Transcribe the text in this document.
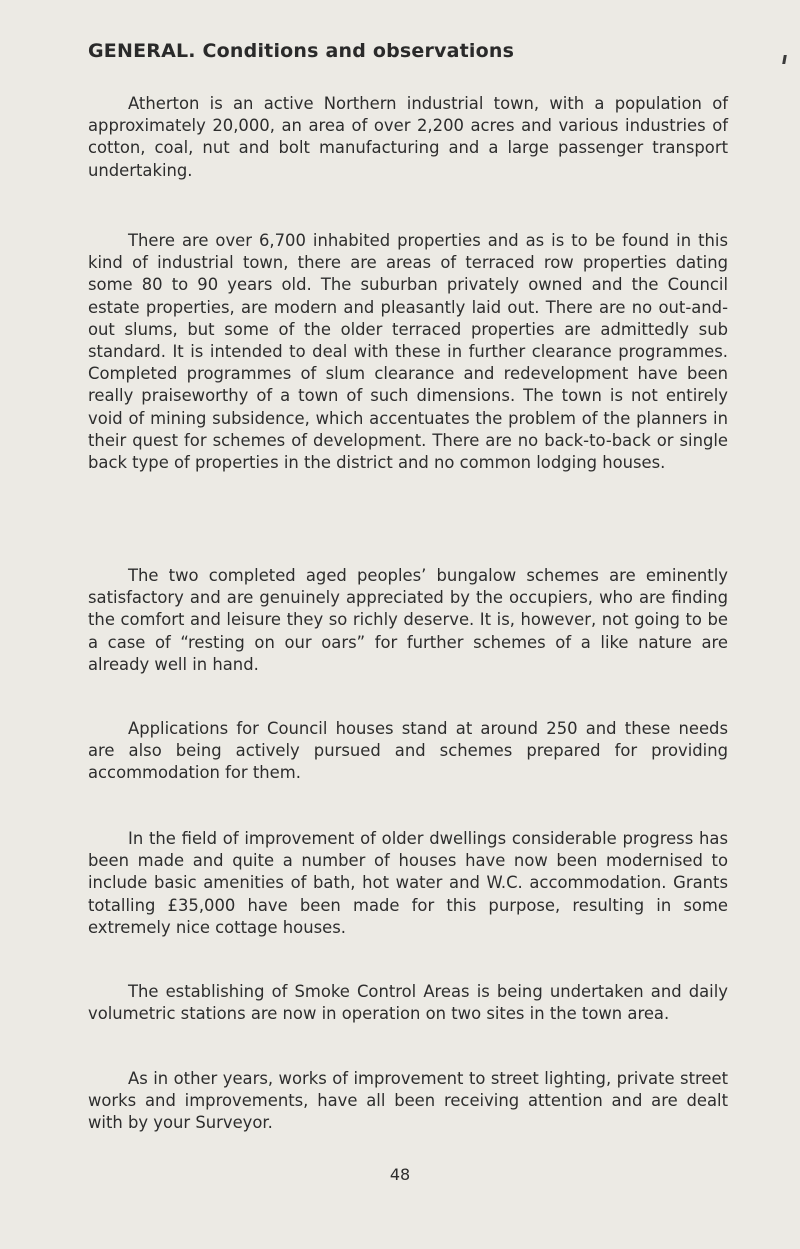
GENERAL. Conditions and observations

Atherton is an active Northern industrial town, with a population of approximately 20,000, an area of over 2,200 acres and various industries of cotton, coal, nut and bolt manufacturing and a large passenger transport undertaking.

There are over 6,700 inhabited properties and as is to be found in this kind of industrial town, there are areas of terraced row properties dating some 80 to 90 years old. The suburban privately owned and the Council estate properties, are modern and pleasantly laid out. There are no out-and-out slums, but some of the older terraced properties are admittedly sub standard. It is intended to deal with these in further clearance programmes. Completed programmes of slum clearance and redevelopment have been really praiseworthy of a town of such dimensions. The town is not entirely void of mining subsidence, which accentuates the problem of the planners in their quest for schemes of development. There are no back-to-back or single back type of properties in the district and no common lodging houses.

The two completed aged peoples’ bungalow schemes are eminently satisfactory and are genuinely appreciated by the occupiers, who are finding the comfort and leisure they so richly deserve. It is, however, not going to be a case of “resting on our oars” for further schemes of a like nature are already well in hand.

Applications for Council houses stand at around 250 and these needs are also being actively pursued and schemes prepared for providing accommodation for them.

In the field of improvement of older dwellings considerable progress has been made and quite a number of houses have now been modernised to include basic amenities of bath, hot water and W.C. accommodation. Grants totalling £35,000 have been made for this purpose, resulting in some extremely nice cottage houses.

The establishing of Smoke Control Areas is being undertaken and daily volumetric stations are now in operation on two sites in the town area.

As in other years, works of improvement to street lighting, private street works and improvements, have all been receiving attention and are dealt with by your Surveyor.

48
